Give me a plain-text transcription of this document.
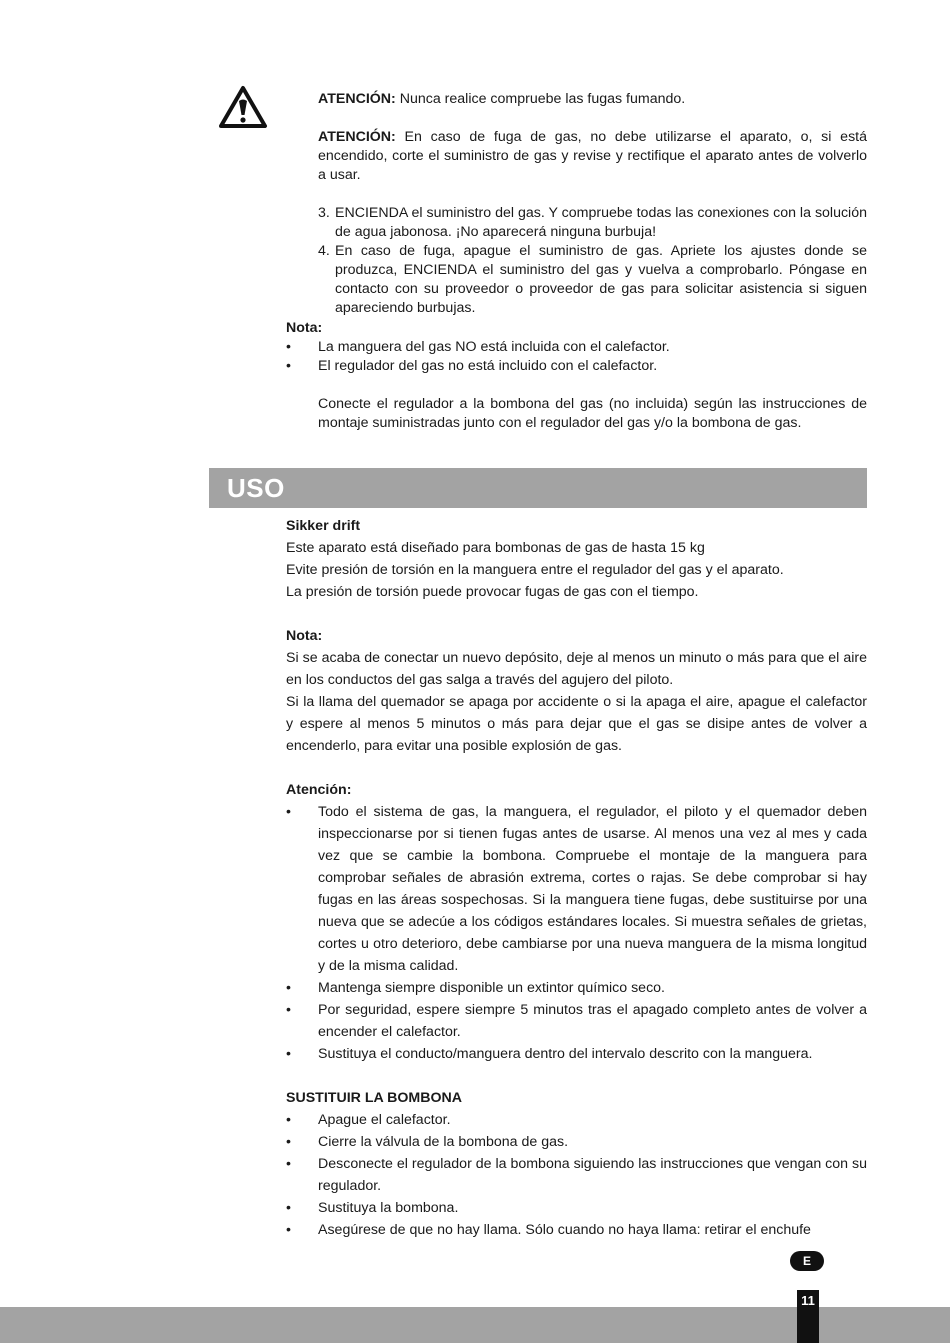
ATENCIÓN: Nunca realice compruebe las fugas fumando.

ATENCIÓN: En caso de fuga de gas, no debe utilizarse el aparato, o, si está encendido, corte el suministro de gas y revise y rectifique el aparato antes de volverlo a usar.

3. ENCIENDA el suministro del gas. Y compruebe todas las conexiones con la solución de agua jabonosa. ¡No aparecerá ninguna burbuja!
4. En caso de fuga, apague el suministro de gas. Apriete los ajustes donde se produzca, ENCIENDA el suministro del gas y vuelva a comprobarlo. Póngase en contacto con su proveedor o proveedor de gas para solicitar asistencia si siguen apareciendo burbujas.

Nota:

•	La manguera del gas NO está incluida con el calefactor.
•	El regulador del gas no está incluido con el calefactor.

Conecte el regulador a la bombona del gas (no incluida) según las instrucciones de montaje suministradas junto con el regulador del gas y/o la bombona de gas.

USO

Sikker drift

Este aparato está diseñado para bombonas de gas de hasta 15 kg

Evite presión de torsión en la manguera entre el regulador del gas y el aparato.

La presión de torsión puede provocar fugas de gas con el tiempo.

Nota:

Si se acaba de conectar un nuevo depósito, deje al menos un minuto o más para que el aire en los conductos del gas salga a través del agujero del piloto.

Si la llama del quemador se apaga por accidente o si la apaga el aire, apague el calefactor y espere al menos 5 minutos o más para dejar que el gas se disipe antes de volver a encenderlo, para evitar una posible explosión de gas.

Atención:

•	Todo el sistema de gas, la manguera, el regulador, el piloto y el quemador deben inspeccionarse por si tienen fugas antes de usarse. Al menos una vez al mes y cada vez que se cambie la bombona. Compruebe el montaje de la manguera para comprobar señales de abrasión extrema, cortes o rajas. Se debe comprobar si hay fugas en las áreas sospechosas. Si la manguera tiene fugas, debe sustituirse por una nueva que se adecúe a los códigos estándares locales. Si muestra señales de grietas, cortes u otro deterioro, debe cambiarse por una nueva manguera de la misma longitud y de la misma calidad.
•	Mantenga siempre disponible un extintor químico seco.
•	Por seguridad, espere siempre 5 minutos tras el apagado completo antes de volver a encender el calefactor.
•	Sustituya el conducto/manguera dentro del intervalo descrito con la manguera.

SUSTITUIR LA BOMBONA

•	Apague el calefactor.
•	Cierre la válvula de la bombona de gas.
•	Desconecte el regulador de la bombona siguiendo las instrucciones que vengan con su regulador.
•	Sustituya la bombona.
•	Asegúrese de que no hay llama. Sólo cuando no haya llama: retirar el enchufe
E
11
